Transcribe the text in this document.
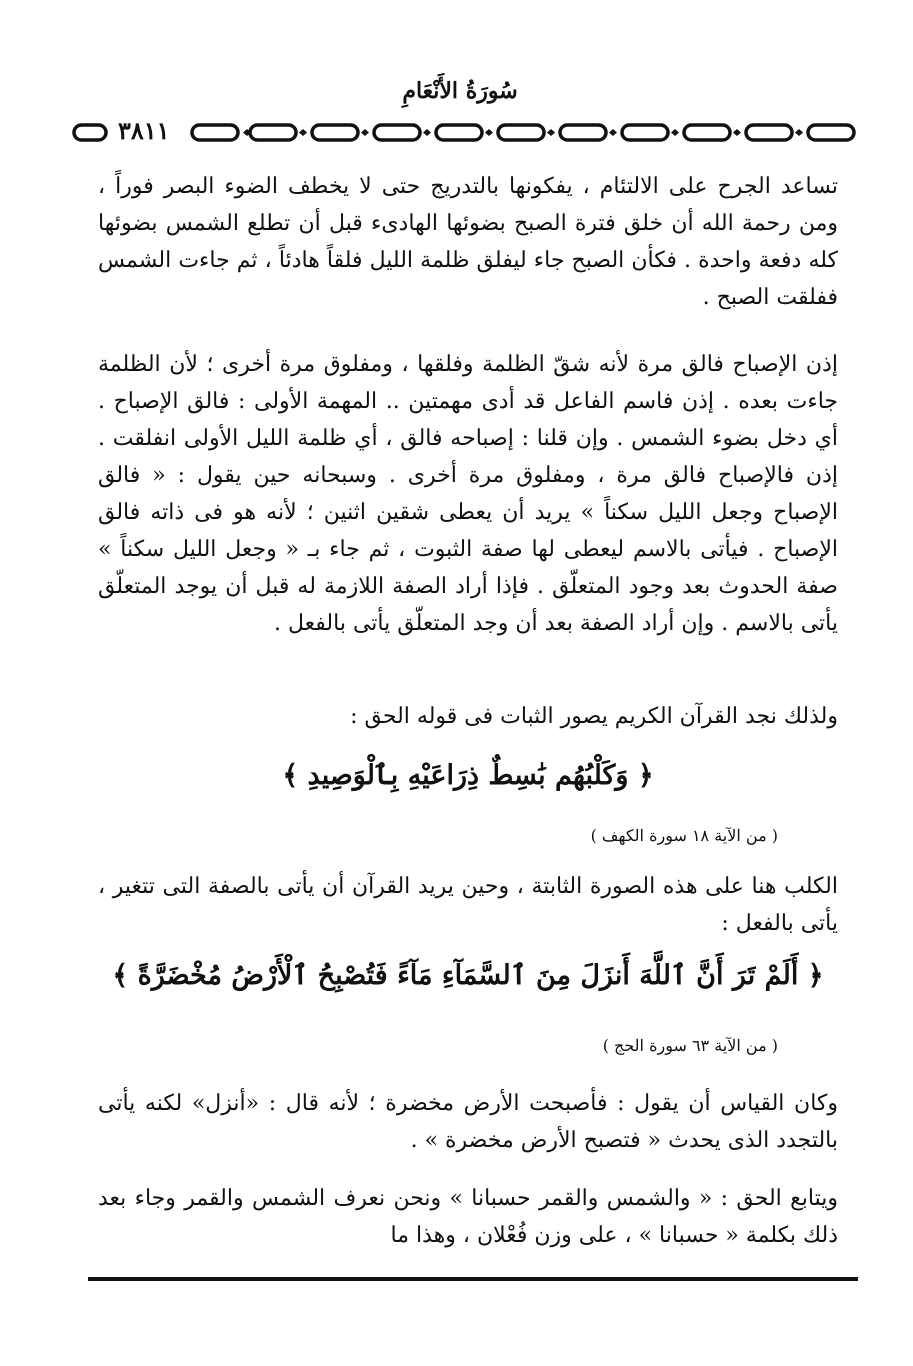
سُورَةُ الأَنْعَامِ
٣٨١١

تساعد الجرح على الالتئام ، يفكونها بالتدريج حتى لا يخطف الضوء البصر فوراً ، ومن رحمة الله أن خلق فترة الصبح بضوئها الهادىء قبل أن تطلع الشمس بضوئها كله دفعة واحدة . فكأن الصبح جاء ليفلق ظلمة الليل فلقاً هادئاً ، ثم جاءت الشمس ففلقت الصبح .

إذن الإصباح فالق مرة لأنه شقّ الظلمة وفلقها ، ومفلوق مرة أخرى ؛ لأن الظلمة جاءت بعده . إذن فاسم الفاعل قد أدى مهمتين .. المهمة الأولى : فالق الإصباح . أي دخل بضوء الشمس . وإن قلنا : إصباحه فالق ، أي ظلمة الليل الأولى انفلقت . إذن فالإصباح فالق مرة ، ومفلوق مرة أخرى . وسبحانه حين يقول : « فالق الإصباح وجعل الليل سكناً » يريد أن يعطى شقين اثنين ؛ لأنه هو فى ذاته فالق الإصباح . فيأتى بالاسم ليعطى لها صفة الثبوت ، ثم جاء بـ « وجعل الليل سكناً » صفة الحدوث بعد وجود المتعلّق . فإذا أراد الصفة اللازمة له قبل أن يوجد المتعلّق يأتى بالاسم . وإن أراد الصفة بعد أن وجد المتعلّق يأتى بالفعل .

ولذلك نجد القرآن الكريم يصور الثبات فى قوله الحق :

﴿ وَكَلْبُهُم بَٰسِطٌ ذِرَاعَيْهِ بِٱلْوَصِيدِ ﴾
( من الآية ١٨ سورة الكهف )

الكلب هنا على هذه الصورة الثابتة ، وحين يريد القرآن أن يأتى بالصفة التى تتغير ، يأتى بالفعل :

﴿ أَلَمْ تَرَ أَنَّ ٱللَّهَ أَنزَلَ مِنَ ٱلسَّمَآءِ مَآءً فَتُصْبِحُ ٱلْأَرْضُ مُخْضَرَّةً ﴾
( من الآية ٦٣ سورة الحج )

وكان القياس أن يقول : فأصبحت الأرض مخضرة ؛ لأنه قال : «أنزل» لكنه يأتى بالتجدد الذى يحدث « فتصبح الأرض مخضرة » .

ويتابع الحق : « والشمس والقمر حسبانا » ونحن نعرف الشمس والقمر وجاء بعد ذلك بكلمة « حسبانا » ، على وزن فُعْلان ، وهذا ما
